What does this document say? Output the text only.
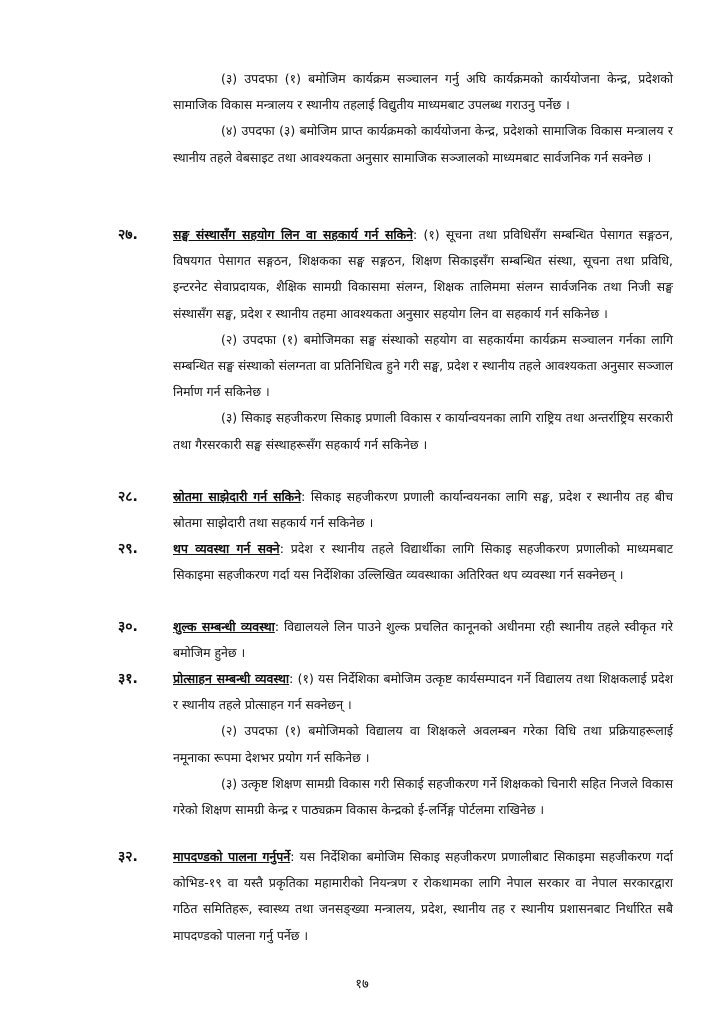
(३) उपदफा (१) बमोजिम कार्यक्रम सञ्चालन गर्नु अघि कार्यक्रमको कार्ययोजना केन्द्र, प्रदेशको सामाजिक विकास मन्त्रालय र स्थानीय तहलाई विद्युतीय माध्यमबाट उपलब्ध गराउनु पर्नेछ ।

(४) उपदफा (३) बमोजिम प्राप्त कार्यक्रमको कार्ययोजना केन्द्र, प्रदेशको सामाजिक विकास मन्त्रालय र स्थानीय तहले वेबसाइट तथा आवश्यकता अनुसार सामाजिक सञ्जालको माध्यमबाट सार्वजनिक गर्न सक्नेछ ।

२७.	सङ्घ संस्थासँग सहयोग लिन वा सहकार्य गर्न सकिने: (१) सूचना तथा प्रविधिसँग सम्बन्धित पेसागत सङ्गठन, विषयगत पेसागत सङ्गठन, शिक्षकका सङ्घ सङ्गठन, शिक्षण सिकाइसँग सम्बन्धित संस्था, सूचना तथा प्रविधि, इन्टरनेट सेवाप्रदायक, शैक्षिक सामग्री विकासमा संलग्न, शिक्षक तालिममा संलग्न सार्वजनिक तथा निजी सङ्घ संस्थासँग सङ्घ, प्रदेश र स्थानीय तहमा आवश्यकता अनुसार सहयोग लिन वा सहकार्य गर्न सकिनेछ ।

(२) उपदफा (१) बमोजिमका सङ्घ संस्थाको सहयोग वा सहकार्यमा कार्यक्रम सञ्चालन गर्नका लागि सम्बन्धित सङ्घ संस्थाको संलग्नता वा प्रतिनिधित्व हुने गरी सङ्घ, प्रदेश र स्थानीय तहले आवश्यकता अनुसार सञ्जाल निर्माण गर्न सकिनेछ ।

(३) सिकाइ सहजीकरण सिकाइ प्रणाली विकास र कार्यान्वयनका लागि राष्ट्रिय तथा अन्तर्राष्ट्रिय सरकारी तथा गैरसरकारी सङ्घ संस्थाहरूसँग सहकार्य गर्न सकिनेछ ।

२८.	स्रोतमा साझेदारी गर्न सकिने: सिकाइ सहजीकरण प्रणाली कार्यान्वयनका लागि सङ्घ, प्रदेश र स्थानीय तह बीच स्रोतमा साझेदारी तथा सहकार्य गर्न सकिनेछ ।

२९.	थप व्यवस्था गर्न सक्ने: प्रदेश र स्थानीय तहले विद्यार्थीका लागि सिकाइ सहजीकरण प्रणालीको माध्यमबाट सिकाइमा सहजीकरण गर्दा यस निर्देशिका उल्लिखित व्यवस्थाका अतिरिक्त थप व्यवस्था गर्न सक्नेछन् ।

३०.	शुल्क सम्बन्धी व्यवस्था: विद्यालयले लिन पाउने शुल्क प्रचलित कानूनको अधीनमा रही स्थानीय तहले स्वीकृत गरे बमोजिम हुनेछ ।

३१.	प्रोत्साहन सम्बन्धी व्यवस्था: (१) यस निर्देशिका बमोजिम उत्कृष्ट कार्यसम्पादन गर्ने विद्यालय तथा शिक्षकलाई प्रदेश र स्थानीय तहले प्रोत्साहन गर्न सक्नेछन् ।

(२) उपदफा (१) बमोजिमको विद्यालय वा शिक्षकले अवलम्बन गरेका विधि तथा प्रक्रियाहरूलाई नमूनाका रूपमा देशभर प्रयोग गर्न सकिनेछ ।

(३) उत्कृष्ट शिक्षण सामग्री विकास गरी सिकाई सहजीकरण गर्ने शिक्षकको चिनारी सहित निजले विकास गरेको शिक्षण सामग्री केन्द्र र पाठ्यक्रम विकास केन्द्रको ई-लर्निङ्ग पोर्टलमा राखिनेछ ।

३२.	मापदण्डको पालना गर्नुपर्ने: यस निर्देशिका बमोजिम सिकाइ सहजीकरण प्रणालीबाट सिकाइमा सहजीकरण गर्दा कोभिड-१९ वा यस्तै प्रकृतिका महामारीको नियन्त्रण र रोकथामका लागि नेपाल सरकार वा नेपाल सरकारद्वारा गठित समितिहरू, स्वास्थ्य तथा जनसङ्ख्या मन्त्रालय, प्रदेश, स्थानीय तह र स्थानीय प्रशासनबाट निर्धारित सबै मापदण्डको पालना गर्नु पर्नेछ ।

१७
